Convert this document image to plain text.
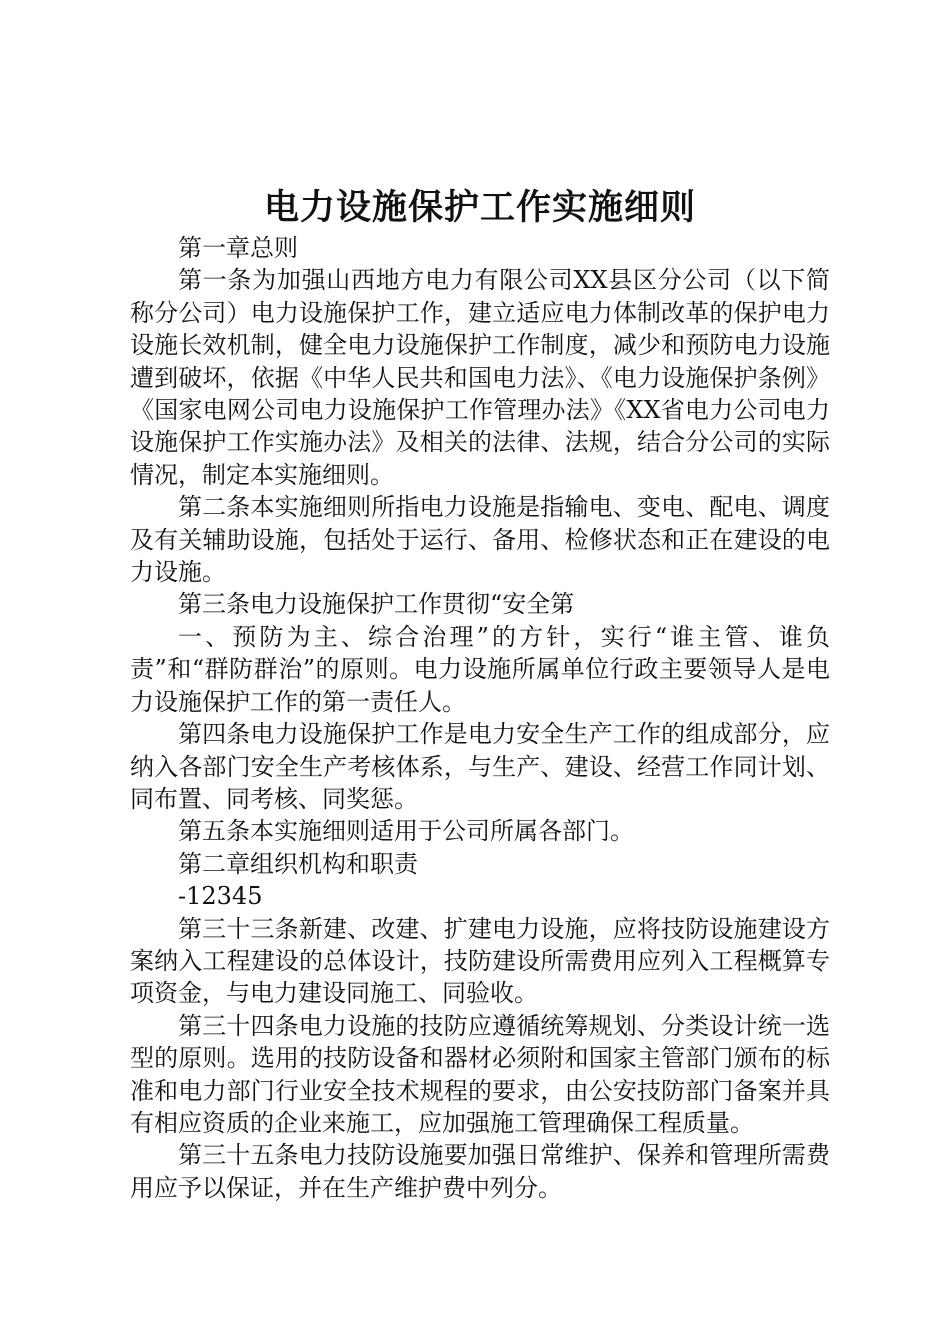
电力设施保护工作实施细则

第一章总则

第一条为加强山西地方电力有限公司XX县区分公司（以下简称分公司）电力设施保护工作，建立适应电力体制改革的保护电力设施长效机制，健全电力设施保护工作制度，减少和预防电力设施遭到破坏，依据《中华人民共和国电力法》、《电力设施保护条例》《国家电网公司电力设施保护工作管理办法》《XX省电力公司电力设施保护工作实施办法》及相关的法律、法规，结合分公司的实际情况，制定本实施细则。

第二条本实施细则所指电力设施是指输电、变电、配电、调度及有关辅助设施，包括处于运行、备用、检修状态和正在建设的电力设施。

第三条电力设施保护工作贯彻“安全第

一、预防为主、综合治理”的方针，实行“谁主管、谁负责”和“群防群治”的原则。电力设施所属单位行政主要领导人是电力设施保护工作的第一责任人。

第四条电力设施保护工作是电力安全生产工作的组成部分，应纳入各部门安全生产考核体系，与生产、建设、经营工作同计划、同布置、同考核、同奖惩。

第五条本实施细则适用于公司所属各部门。

第二章组织机构和职责

-12345

第三十三条新建、改建、扩建电力设施，应将技防设施建设方案纳入工程建设的总体设计，技防建设所需费用应列入工程概算专项资金，与电力建设同施工、同验收。

第三十四条电力设施的技防应遵循统筹规划、分类设计统一选型的原则。选用的技防设备和器材必须附和国家主管部门颁布的标准和电力部门行业安全技术规程的要求，由公安技防部门备案并具有相应资质的企业来施工，应加强施工管理确保工程质量。

第三十五条电力技防设施要加强日常维护、保养和管理所需费用应予以保证，并在生产维护费中列分。
